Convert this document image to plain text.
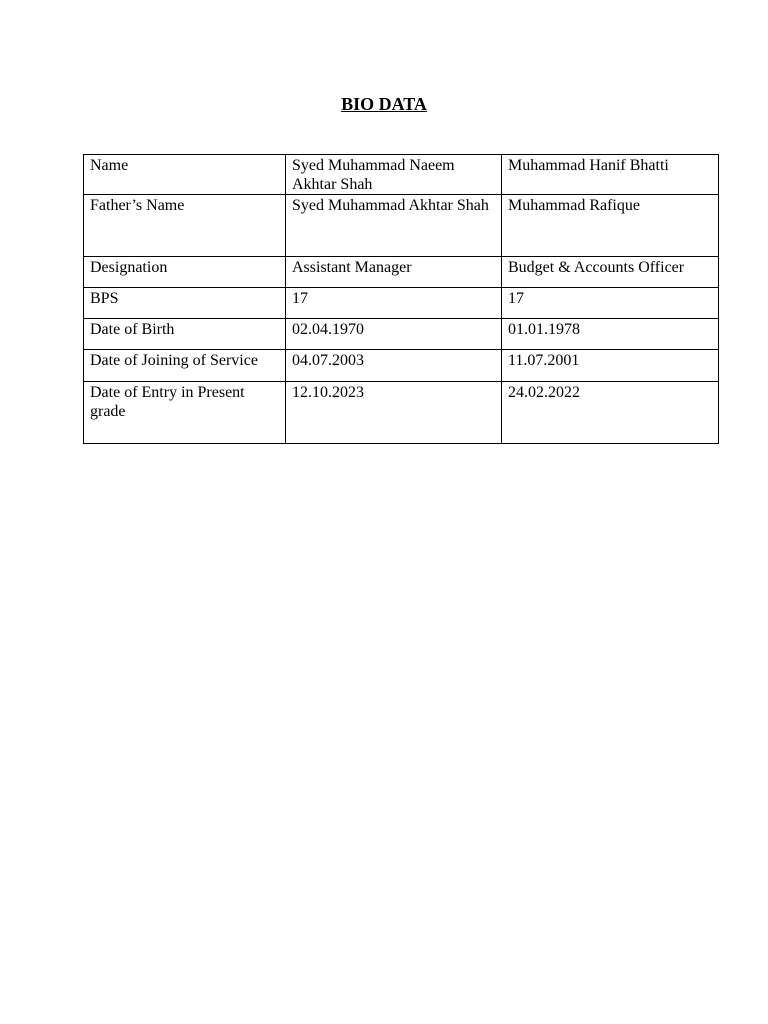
BIO DATA
Name	Syed Muhammad Naeem Akhtar Shah	Muhammad Hanif Bhatti
Father’s Name	Syed Muhammad Akhtar Shah	Muhammad Rafique
Designation	Assistant Manager	Budget & Accounts Officer
BPS	17	17
Date of Birth	02.04.1970	01.01.1978
Date of Joining of Service	04.07.2003	11.07.2001
Date of Entry in Present grade	12.10.2023	24.02.2022
